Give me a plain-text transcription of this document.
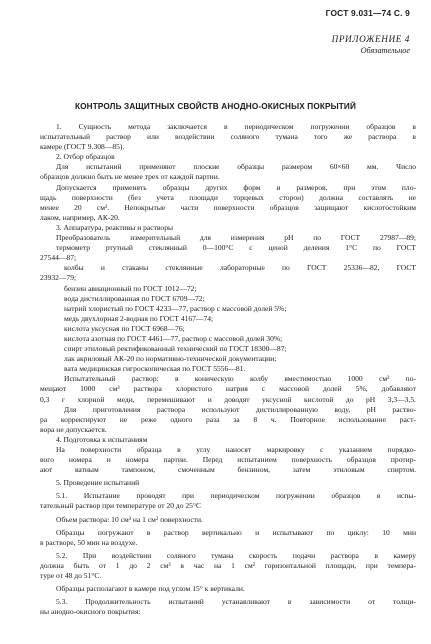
ГОСТ 9.031—74 С. 9
ПРИЛОЖЕНИЕ 4
Обязательное
КОНТРОЛЬ ЗАЩИТНЫХ СВОЙСТВ АНОДНО-ОКИСНЫХ ПОКРЫТИЙ
1. Сущность метода заключается в периодическом погружении образцов в
испытательный раствор или воздействии соляного тумана того же раствора в
камере (ГОСТ 9.308—85).
2. Отбор образцов
Для испытаний применяют плоские образцы размером 60×60 мм. Число
образцов должно быть не менее трех от каждой партии.
Допускается применять образцы других форм и размеров, при этом пло-
щадь поверхности (без учета площади торцевых сторон) должна составлять не
менее 20 см². Непокрытые части поверхности образцов защищают кислотостойким
лаком, например, АК-20.
3. Аппаратура, реактивы и растворы
Преобразователь измерительный для измерения pH по ГОСТ 27987—89;
термометр ртутный стеклянный 0—100°С с ценой деления 1°С по ГОСТ
27544—87;
колбы и стаканы стеклянные лабораторные по ГОСТ 25336—82, ГОСТ
23932—79;
бензин авиационный по ГОСТ 1012—72;
вода дистиллированная по ГОСТ 6709—72;
натрий хлористый по ГОСТ 4233—77, раствор с массовой долей 5%;
медь двухлорная 2-водная по ГОСТ 4167—74;
кислота уксусная по ГОСТ 6968—76;
кислота азотная по ГОСТ 4461—77, раствор с массовой долей 30%;
спирт этиловый ректификованный технический по ГОСТ 18300—87;
лак акриловый АК-20 по нормативно-технической документации;
вата медицинская гигроскопическая по ГОСТ 5556—81.
Испытательный раствор: в коническую колбу вместимостью 1000 см³ по-
мещают 1000 см³ раствора хлористого натрия с массовой долей 5%, добавляют
0,3 г хлорной меди, перемешивают и доводят уксусной кислотой до pH 3,3—3,5.
Для приготовления раствора используют дистиллированную воду, pH раство-
ра корректируют не реже одного раза за 8 ч. Повторное использование раст-
вора не допускается.
4. Подготовка к испытаниям
На поверхности образца в углу наносят маркировку с указанием порядко-
вого номера и номера партии. Перед испытанием поверхность образцов протир-
ают ватным тампоном, смоченным бензином, затем этиловым спиртом.
5. Проведение испытаний
5.1. Испытание проводят при периодическом погружении образцов в испы-
тательный раствор при температуре от 20 до 25°С
Объем раствора: 10 см³ на 1 см² поверхности.
Образцы погружают в раствор вертикально и испытывают по циклу: 10 мин
в растворе, 50 мин на воздухе.
5.2. При воздействии соляного тумана скорость подачи раствора в камеру
должна быть от 1 до 2 см³ в час на 1 см² горизонтальной площади, при темпера-
туре от 48 до 51°С.
Образцы располагают в камере под углом 15° к вертикали.
5.3. Продолжительность испытаний устанавливают в зависимости от толщи-
ны анодно-окисного покрытия:
